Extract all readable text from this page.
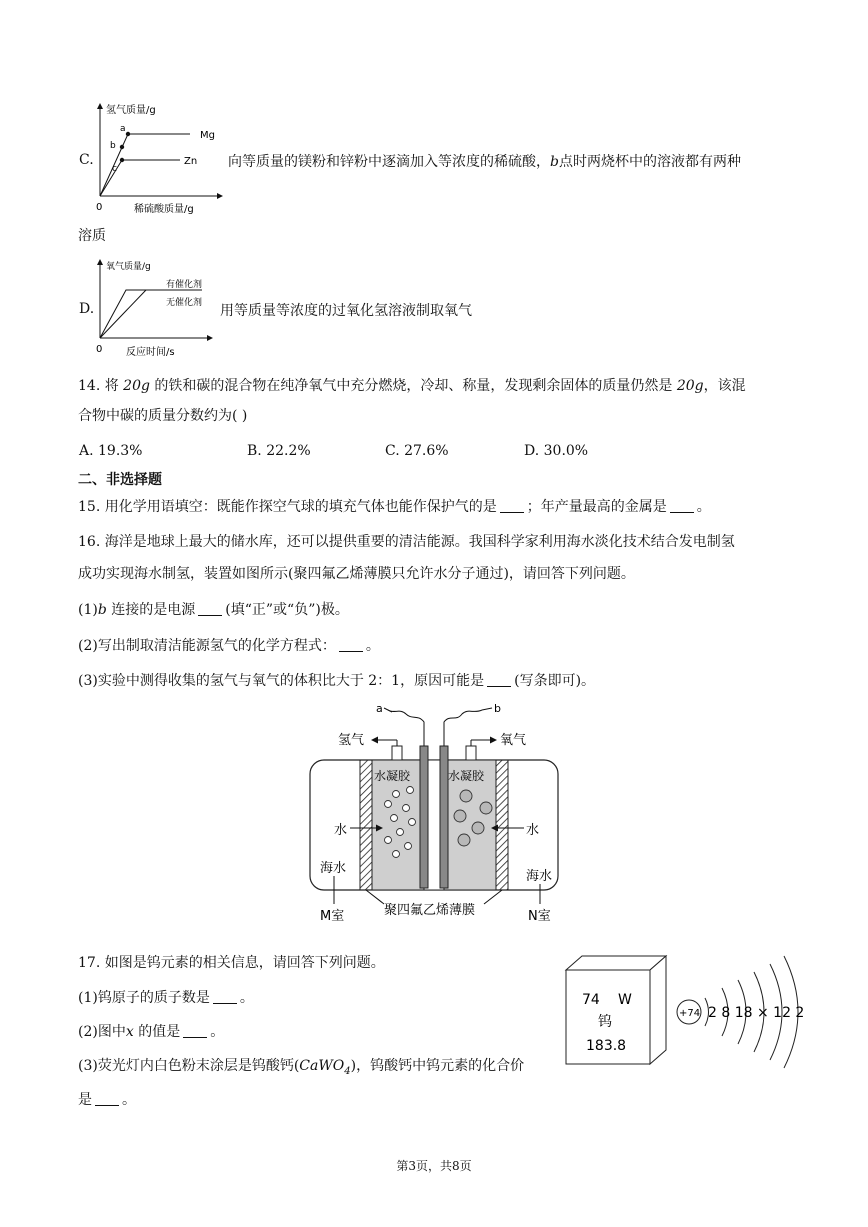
C.
氢气质量/g
a
b
c
Mg
Zn
0	稀硫酸质量/g
向等质量的镁粉和锌粉中逐滴加入等浓度的稀硫酸，b点时两烧杯中的溶液都有两种
溶质
D.
氧气质量/g
有催化剂
无催化剂
0 反应时间/s
用等质量等浓度的过氧化氢溶液制取氧气
14. 将 20g 的铁和碳的混合物在纯净氧气中充分燃烧，冷却、称量，发现剩余固体的质量仍然是 20g，该混
合物中碳的质量分数约为( )
A. 19.3%	B. 22.2%	C. 27.6%	D. 30.0%
二、非选择题
15. 用化学用语填空：既能作探空气球的填充气体也能作保护气的是 ；年产量最高的金属是 。
16. 海洋是地球上最大的储水库，还可以提供重要的清洁能源。我国科学家利用海水淡化技术结合发电制氢
成功实现海水制氢，装置如图所示(聚四氟乙烯薄膜只允许水分子通过)，请回答下列问题。
(1)b 连接的是电源 (填“正”或“负”)极。
(2)写出制取清洁能源氢气的化学方程式： 。
(3)实验中测得收集的氢气与氧气的体积比大于 2：1，原因可能是 (写条即可)。
a	b
氢气	氧气
水凝胶	水凝胶
水	水
海水
海水
M室	N室
聚四氟乙烯薄膜
17. 如图是钨元素的相关信息，请回答下列问题。
(1)钨原子的质子数是 。
(2)图中x 的值是 。
(3)荧光灯内白色粉末涂层是钨酸钙(CaWO$_4$)，钨酸钙中钨元素的化合价
是 。
74 W
钨
183.8
+74 2 8 18 × 12 2
第3页，共8页
